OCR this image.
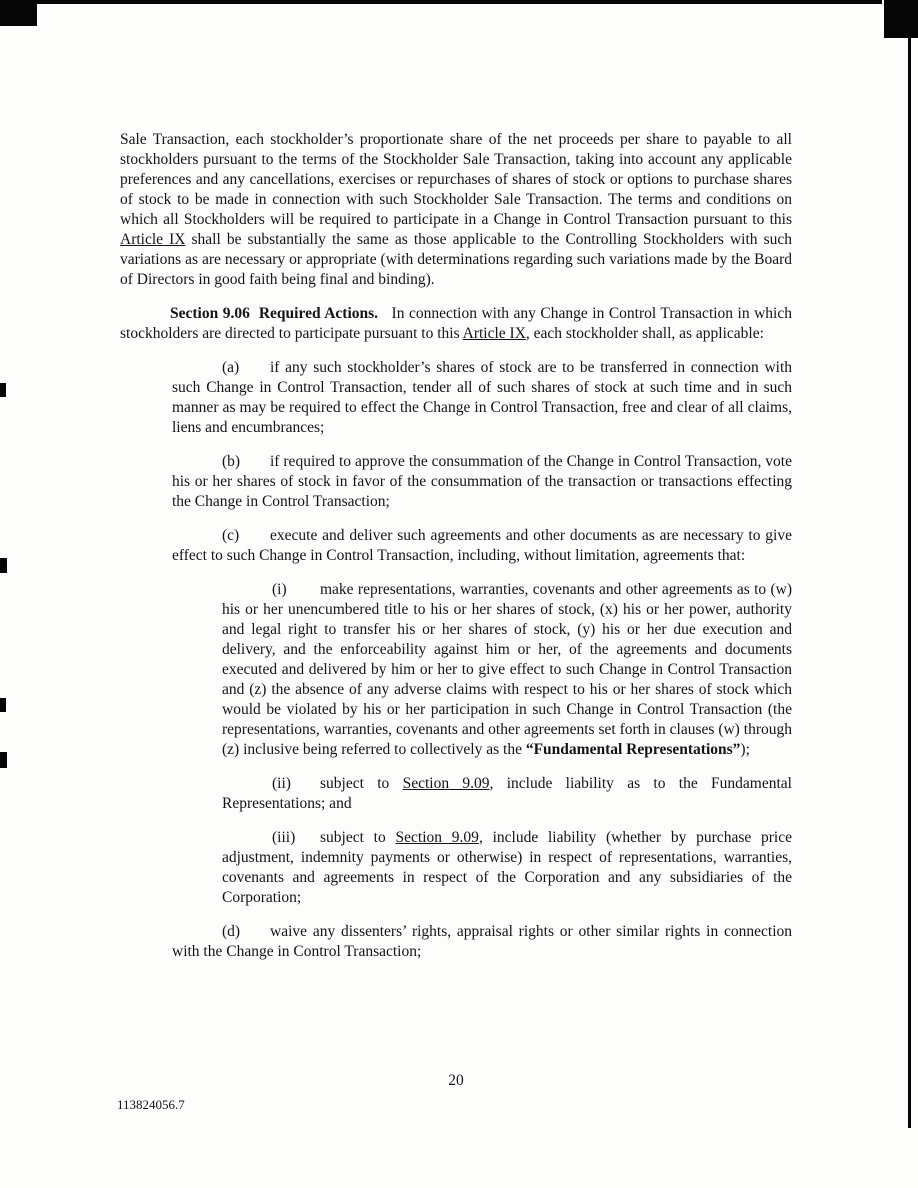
Sale Transaction, each stockholder’s proportionate share of the net proceeds per share to payable to all stockholders pursuant to the terms of the Stockholder Sale Transaction, taking into account any applicable preferences and any cancellations, exercises or repurchases of shares of stock or options to purchase shares of stock to be made in connection with such Stockholder Sale Transaction. The terms and conditions on which all Stockholders will be required to participate in a Change in Control Transaction pursuant to this Article IX shall be substantially the same as those applicable to the Controlling Stockholders with such variations as are necessary or appropriate (with determinations regarding such variations made by the Board of Directors in good faith being final and binding).

Section 9.06  Required Actions.   In connection with any Change in Control Transaction in which stockholders are directed to participate pursuant to this Article IX, each stockholder shall, as applicable:

(a) if any such stockholder’s shares of stock are to be transferred in connection with such Change in Control Transaction, tender all of such shares of stock at such time and in such manner as may be required to effect the Change in Control Transaction, free and clear of all claims, liens and encumbrances;

(b) if required to approve the consummation of the Change in Control Transaction, vote his or her shares of stock in favor of the consummation of the transaction or transactions effecting the Change in Control Transaction;

(c) execute and deliver such agreements and other documents as are necessary to give effect to such Change in Control Transaction, including, without limitation, agreements that:

(i) make representations, warranties, covenants and other agreements as to (w) his or her unencumbered title to his or her shares of stock, (x) his or her power, authority and legal right to transfer his or her shares of stock, (y) his or her due execution and delivery, and the enforceability against him or her, of the agreements and documents executed and delivered by him or her to give effect to such Change in Control Transaction and (z) the absence of any adverse claims with respect to his or her shares of stock which would be violated by his or her participation in such Change in Control Transaction (the representations, warranties, covenants and other agreements set forth in clauses (w) through (z) inclusive being referred to collectively as the “Fundamental Representations”);

(ii) subject to Section 9.09, include liability as to the Fundamental Representations; and

(iii) subject to Section 9.09, include liability (whether by purchase price adjustment, indemnity payments or otherwise) in respect of representations, warranties, covenants and agreements in respect of the Corporation and any subsidiaries of the Corporation;

(d) waive any dissenters’ rights, appraisal rights or other similar rights in connection with the Change in Control Transaction;

20
113824056.7
